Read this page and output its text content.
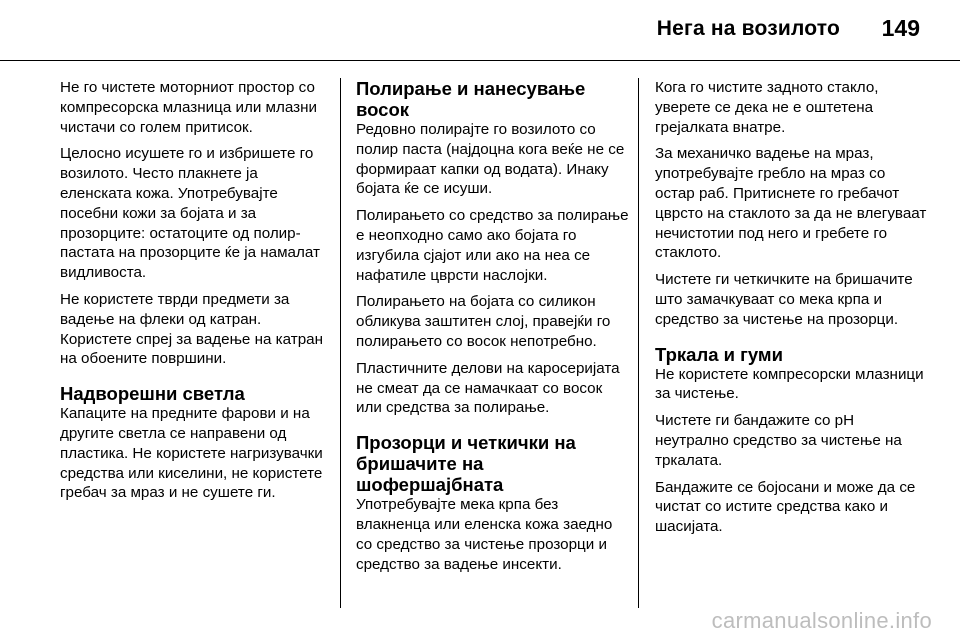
Нега на возилото 149

Не го чистете моторниот простор со компресорска млазница или млазни чистачи со голем притисок.

Целосно исушете го и избришете го возилото. Често плакнете ја еленската кожа. Употребувајте посебни кожи за бојата и за прозорците: остатоците од полир-пастата на прозорците ќе ја намалат видливоста.

Не користете тврди предмети за вадење на флеки од катран. Користете спреј за вадење на катран на обоените површини.

Надворешни светла

Капаците на предните фарови и на другите светла се направени од пластика. Не користете нагризувачки средства или киселини, не користете гребач за мраз и не сушете ги.

Полирање и нанесување восок

Редовно полирајте го возилото со полир паста (најдоцна кога веќе не се формираат капки од водата). Инаку бојата ќе се исуши.

Полирањето со средство за полирање е неопходно само ако бојата го изгубила сјајот или ако на неа се нафатиле цврсти наслојки.

Полирањето на бојата со силикон обликува заштитен слој, правејќи го полирањето со восок непотребно.

Пластичните делови на каросеријата не смеат да се намачкаат со восок или средства за полирање.

Прозорци и четкички на бришачите на шофершајбната

Употребувајте мека крпа без влакненца или еленска кожа заедно со средство за чистење прозорци и средство за вадење инсекти.

Кога го чистите задното стакло, уверете се дека не е оштетена грејалката внатре.

За механичко вадење на мраз, употребувајте гребло на мраз со остар раб. Притиснете го гребачот цврсто на стаклото за да не влегуваат нечистотии под него и гребете го стаклото.

Чистете ги четкичките на бришачите што замачкуваат со мека крпа и средство за чистење на прозорци.

Тркала и гуми

Не користете компресорски млазници за чистење.

Чистете ги бандажите со pH неутрално средство за чистење на тркалата.

Бандажите се бојосани и може да се чистат со истите средства како и шасијата.

carmanualsonline.info
